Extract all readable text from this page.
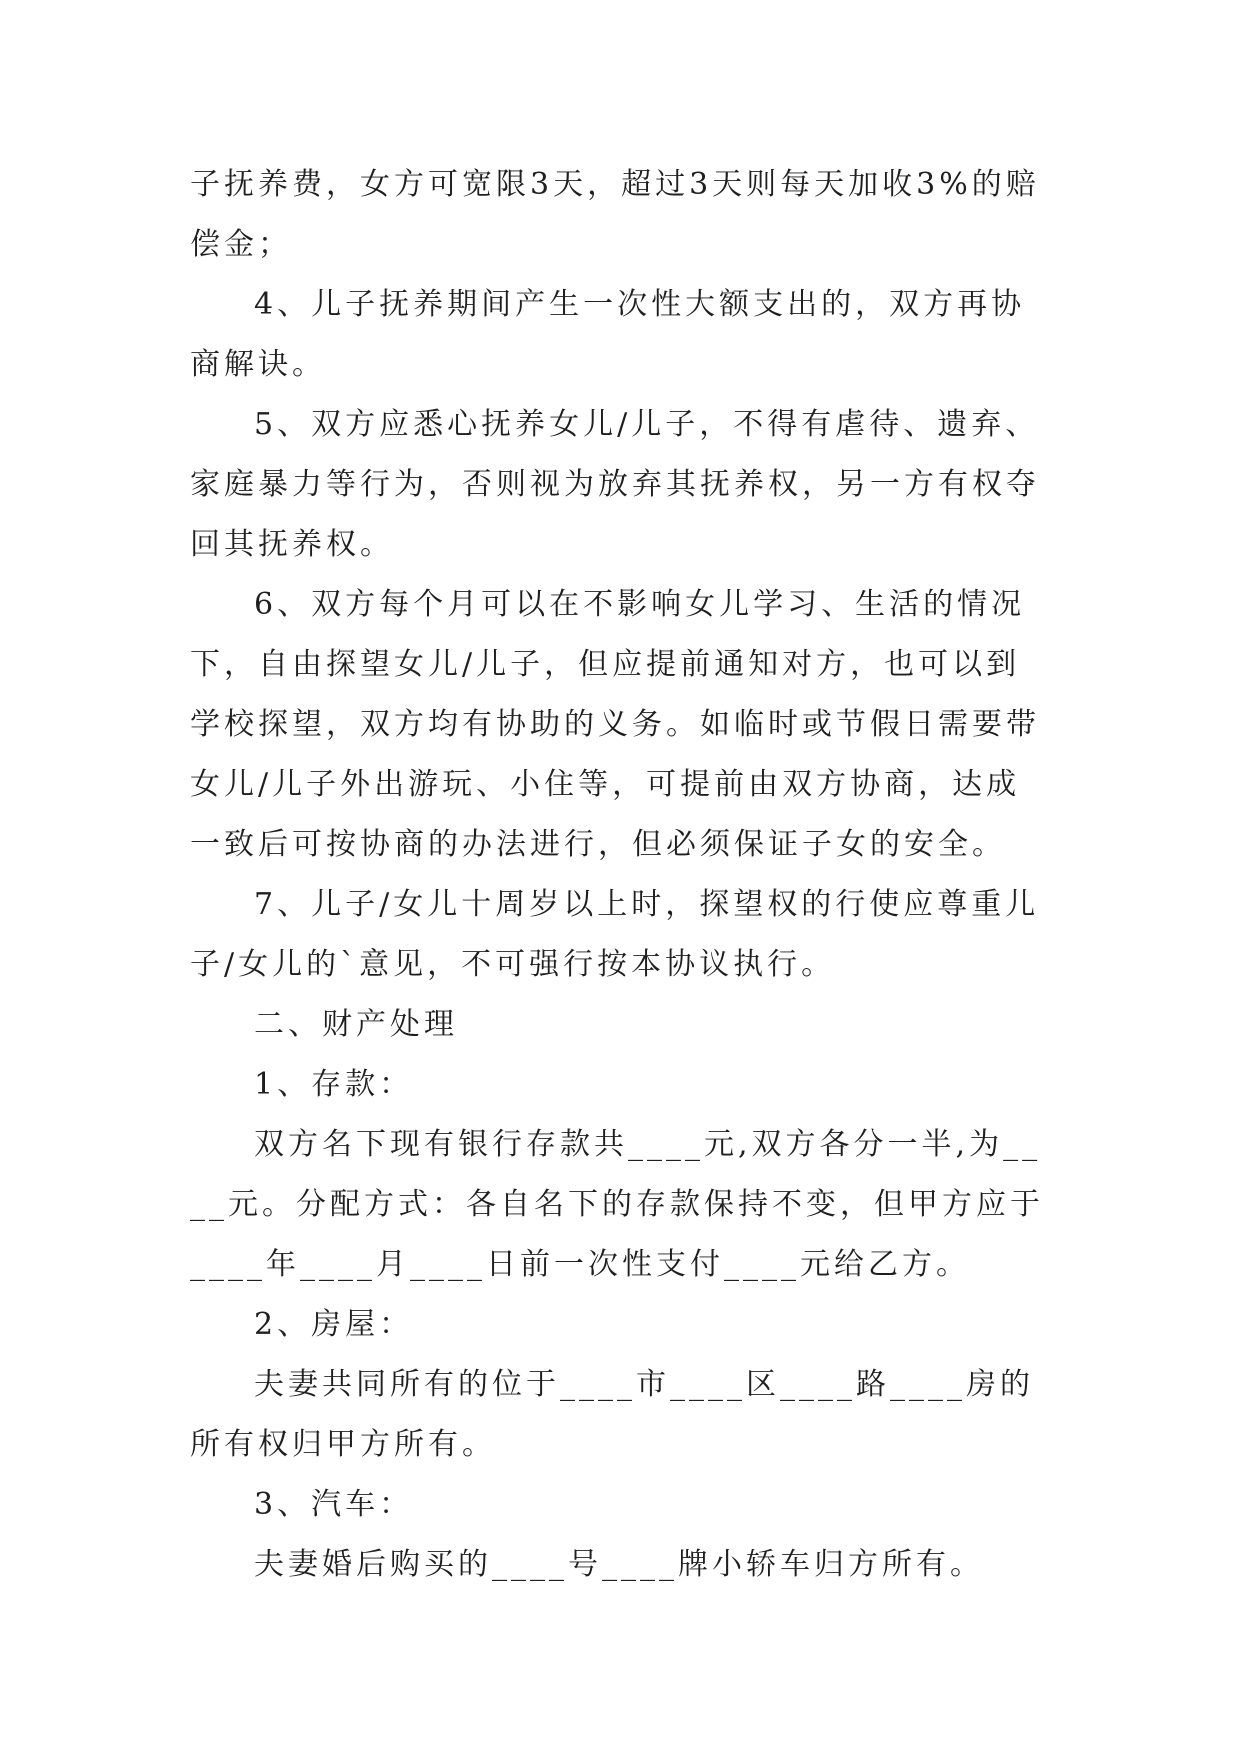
子抚养费，女方可宽限3天，超过3天则每天加收3%的赔偿金；

4、儿子抚养期间产生一次性大额支出的，双方再协商解诀。

5、双方应悉心抚养女儿/儿子，不得有虐待、遗弃、家庭暴力等行为，否则视为放弃其抚养权，另一方有权夺回其抚养权。

6、双方每个月可以在不影响女儿学习、生活的情况下，自由探望女儿/儿子，但应提前通知对方，也可以到学校探望，双方均有协助的义务。如临时或节假日需要带女儿/儿子外出游玩、小住等，可提前由双方协商，达成一致后可按协商的办法进行，但必须保证子女的安全。

7、儿子/女儿十周岁以上时，探望权的行使应尊重儿子/女儿的`意见，不可强行按本协议执行。

二、财产处理

1、存款：

双方名下现有银行存款共____元,双方各分一半,为____元。分配方式：各自名下的存款保持不变，但甲方应于____年____月____日前一次性支付____元给乙方。

2、房屋：

夫妻共同所有的位于____市____区____路____房的所有权归甲方所有。

3、汽车：

夫妻婚后购买的____号____牌小轿车归方所有。
